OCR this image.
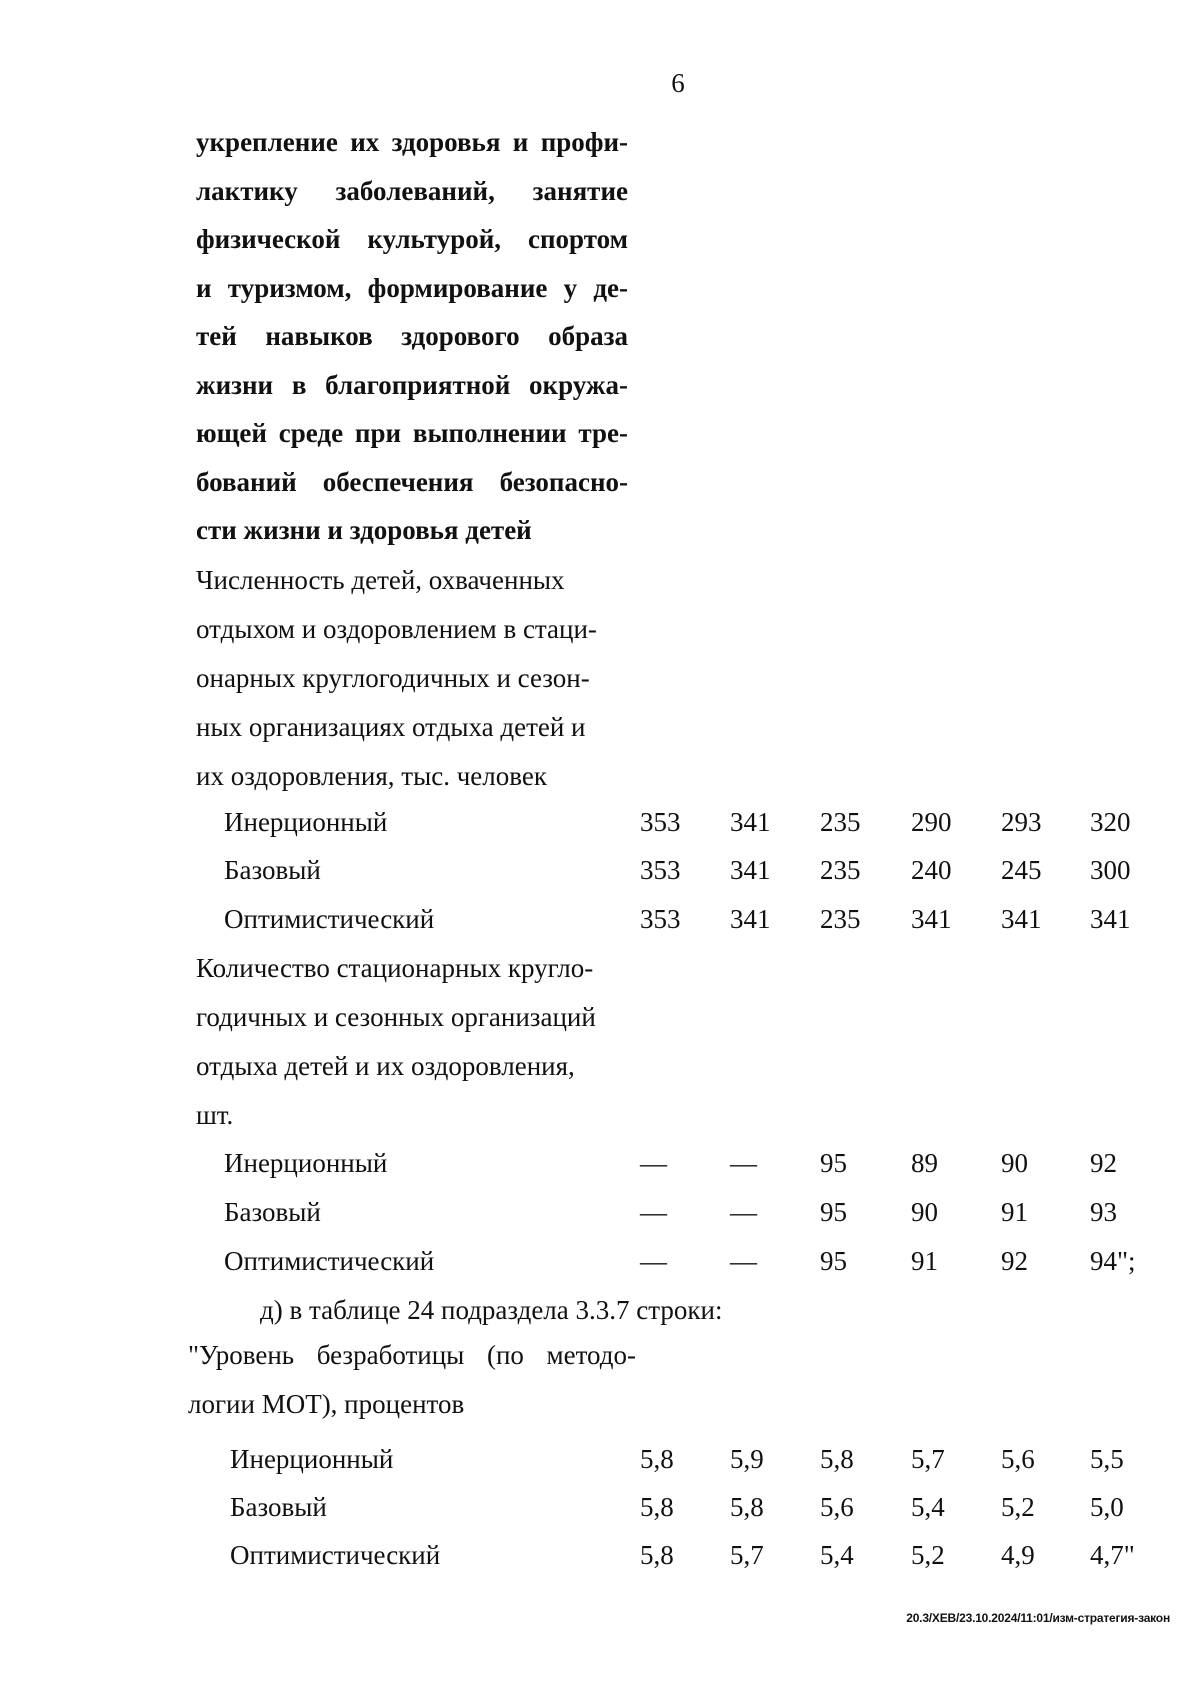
6
укрепление их здоровья и профи-
лактику заболеваний, занятие
физической культурой, спортом
и туризмом, формирование у де-
тей навыков здорового образа
жизни в благоприятной окружа-
ющей среде при выполнении тре-
бований обеспечения безопасно-
сти жизни и здоровья детей
Численность детей, охваченных
отдыхом и оздоровлением в стаци-
онарных круглогодичных и сезон-
ных организациях отдыха детей и
их оздоровления, тыс. человек
Инерционный	353	341	235	290	293	320
Базовый	353	341	235	240	245	300
Оптимистический	353	341	235	341	341	341
Количество стационарных кругло-
годичных и сезонных организаций
отдыха детей и их оздоровления,
шт.
Инерционный	—	—	95	89	90	92
Базовый	—	—	95	90	91	93
Оптимистический	—	—	95	91	92	94";
д) в таблице 24 подраздела 3.3.7 строки:
"Уровень безработицы (по методо-
логии МОТ), процентов
Инерционный	5,8	5,9	5,8	5,7	5,6	5,5
Базовый	5,8	5,8	5,6	5,4	5,2	5,0
Оптимистический	5,8	5,7	5,4	5,2	4,9	4,7"
20.3/ХЕВ/23.10.2024/11:01/изм-стратегия-закон
